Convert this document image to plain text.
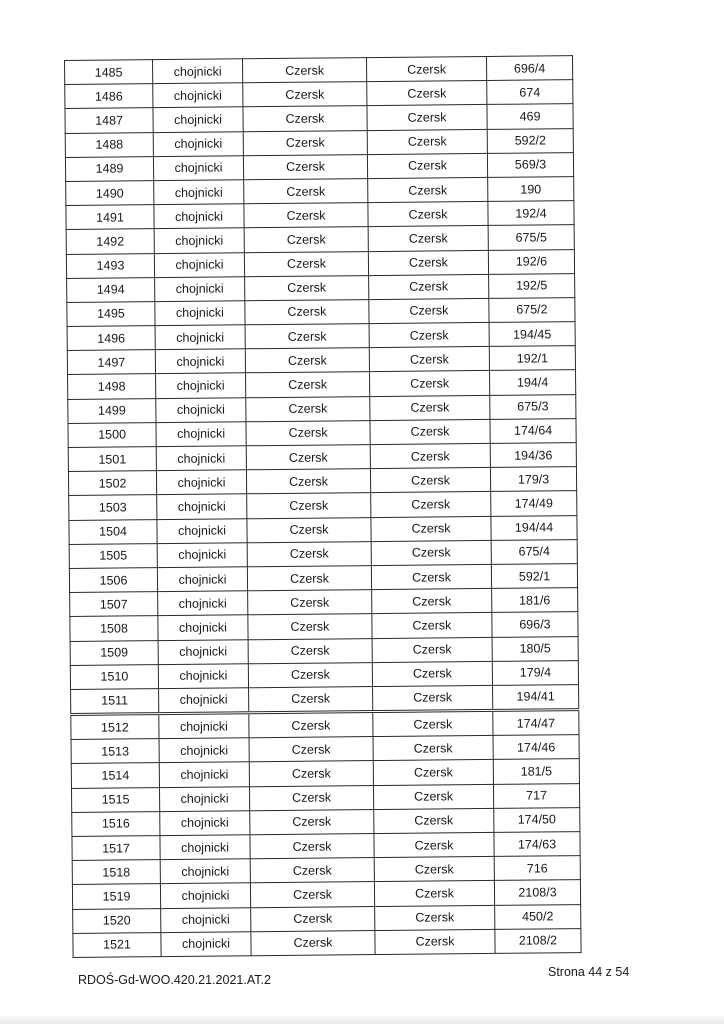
1485	chojnicki	Czersk	Czersk	696/4
1486	chojnicki	Czersk	Czersk	674
1487	chojnicki	Czersk	Czersk	469
1488	chojnicki	Czersk	Czersk	592/2
1489	chojnicki	Czersk	Czersk	569/3
1490	chojnicki	Czersk	Czersk	190
1491	chojnicki	Czersk	Czersk	192/4
1492	chojnicki	Czersk	Czersk	675/5
1493	chojnicki	Czersk	Czersk	192/6
1494	chojnicki	Czersk	Czersk	192/5
1495	chojnicki	Czersk	Czersk	675/2
1496	chojnicki	Czersk	Czersk	194/45
1497	chojnicki	Czersk	Czersk	192/1
1498	chojnicki	Czersk	Czersk	194/4
1499	chojnicki	Czersk	Czersk	675/3
1500	chojnicki	Czersk	Czersk	174/64
1501	chojnicki	Czersk	Czersk	194/36
1502	chojnicki	Czersk	Czersk	179/3
1503	chojnicki	Czersk	Czersk	174/49
1504	chojnicki	Czersk	Czersk	194/44
1505	chojnicki	Czersk	Czersk	675/4
1506	chojnicki	Czersk	Czersk	592/1
1507	chojnicki	Czersk	Czersk	181/6
1508	chojnicki	Czersk	Czersk	696/3
1509	chojnicki	Czersk	Czersk	180/5
1510	chojnicki	Czersk	Czersk	179/4
1511	chojnicki	Czersk	Czersk	194/41
1512	chojnicki	Czersk	Czersk	174/47
1513	chojnicki	Czersk	Czersk	174/46
1514	chojnicki	Czersk	Czersk	181/5
1515	chojnicki	Czersk	Czersk	717
1516	chojnicki	Czersk	Czersk	174/50
1517	chojnicki	Czersk	Czersk	174/63
1518	chojnicki	Czersk	Czersk	716
1519	chojnicki	Czersk	Czersk	2108/3
1520	chojnicki	Czersk	Czersk	450/2
1521	chojnicki	Czersk	Czersk	2108/2
RDOŚ-Gd-WOO.420.21.2021.AT.2
Strona 44 z 54
